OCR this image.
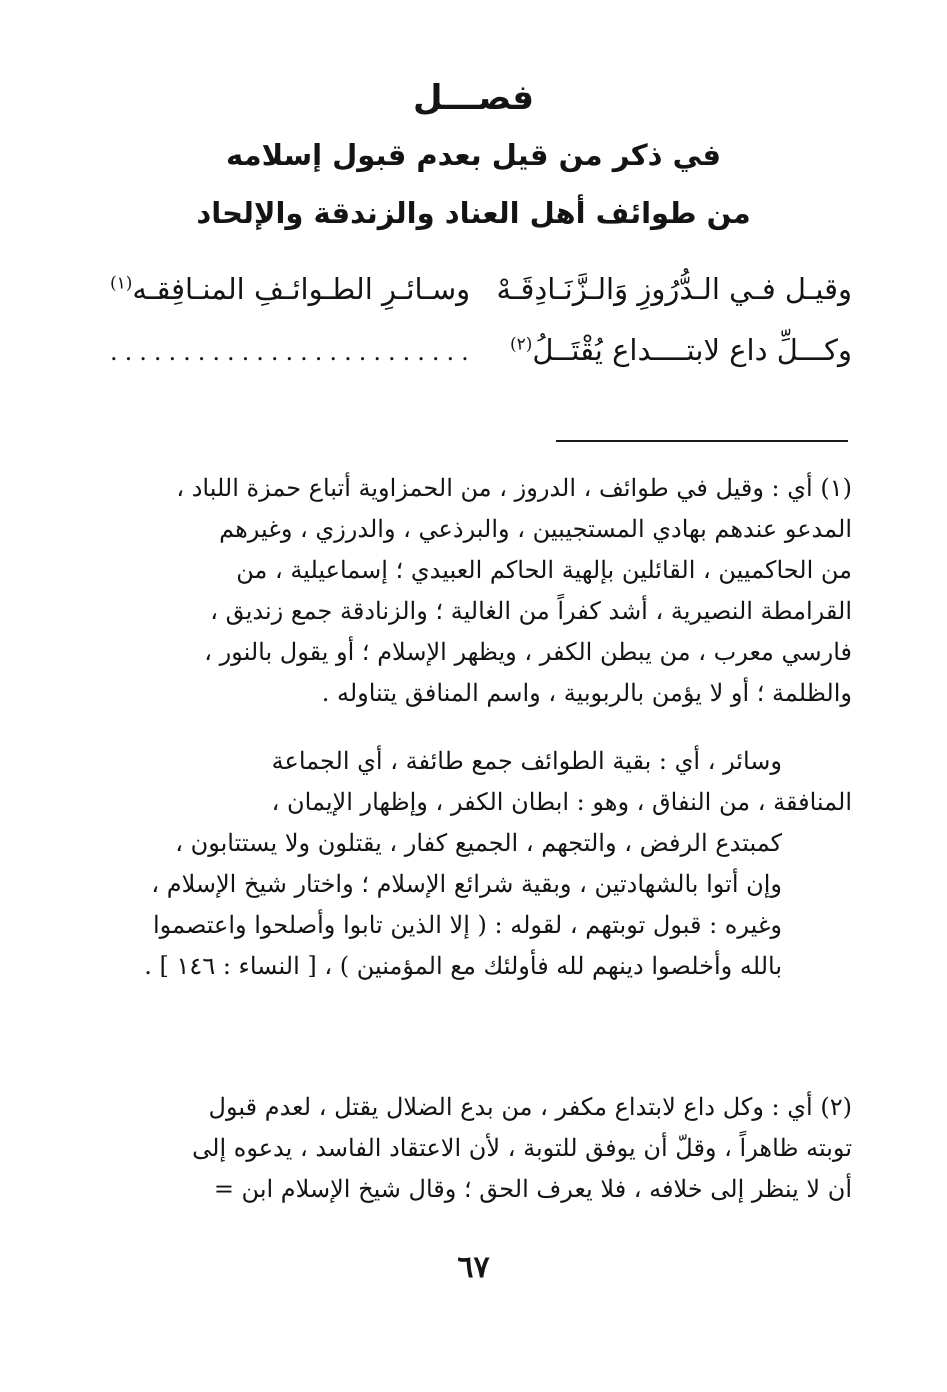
فصـــل
في ذكر من قيل بعدم قبول إسلامه
من طوائف أهل العناد والزندقة والإلحاد
وقيـل فـي الـدُّرُوزِ وَالـزَّنَـادِقَـهْ
وسـائـرِ الطـوائـفِ المنـافِقـه$^{(١)}$
وكـــلِّ داع لابتــــداع يُقْتَــلُ$^{(٢)}$
.........................
(١) أي : وقيل في طوائف ، الدروز ، من الحمزاوية أتباع حمزة اللباد ،
المدعو عندهم بهادي المستجيبين ، والبرذعي ، والدرزي ، وغيرهم
من الحاكميين ، القائلين بإلهية الحاكم العبيدي ؛ إسماعيلية ، من
القرامطة النصيرية ، أشد كفراً من الغالية ؛ والزنادقة جمع زنديق ،
فارسي معرب ، من يبطن الكفر ، ويظهر الإسلام ؛ أو يقول بالنور ،
والظلمة ؛ أو لا يؤمن بالربوبية ، واسم المنافق يتناوله .
وسائر ، أي : بقية الطوائف جمع طائفة ، أي الجماعة
المنافقة ، من النفاق ، وهو : ابطان الكفر ، وإظهار الإيمان ،
كمبتدع الرفض ، والتجهم ، الجميع كفار ، يقتلون ولا يستتابون ،
وإن أتوا بالشهادتين ، وبقية شرائع الإسلام ؛ واختار شيخ الإسلام ،
وغيره : قبول توبتهم ، لقوله : ( إلا الذين تابوا وأصلحوا واعتصموا
بالله وأخلصوا دينهم لله فأولئك مع المؤمنين ) ، [ النساء : ١٤٦ ] .
(٢) أي : وكل داع لابتداع مكفر ، من بدع الضلال يقتل ، لعدم قبول
توبته ظاهراً ، وقلّ أن يوفق للتوبة ، لأن الاعتقاد الفاسد ، يدعوه إلى
أن لا ينظر إلى خلافه ، فلا يعرف الحق ؛ وقال شيخ الإسلام ابن =
٦٧
